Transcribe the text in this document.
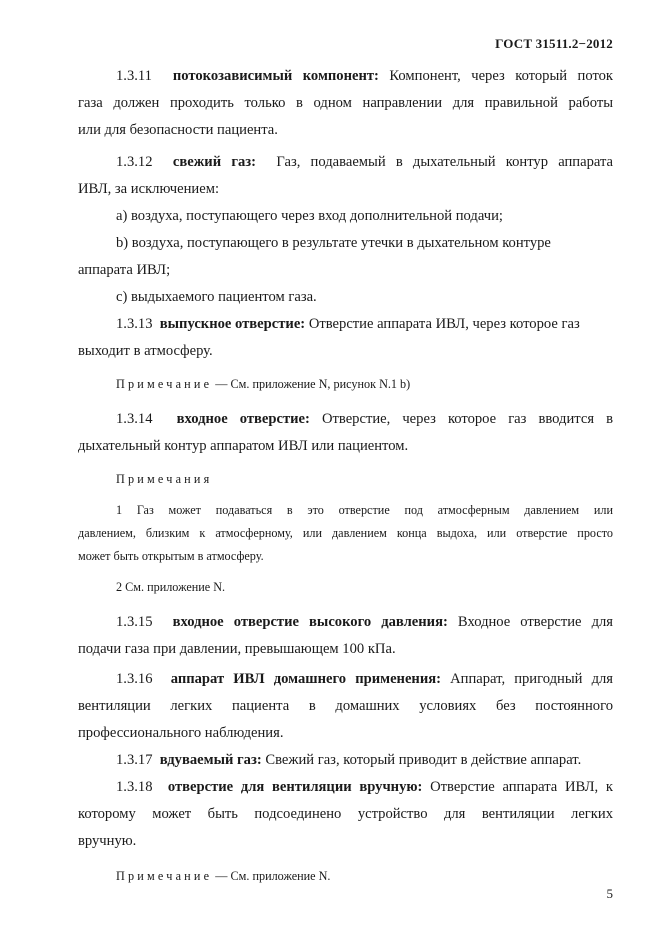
ГОСТ 31511.2−2012

1.3.11 потокозависимый компонент: Компонент, через который поток

газа должен проходить только в одном направлении для правильной работы

или для безопасности пациента.

1.3.12 свежий газ: Газ, подаваемый в дыхательный контур аппарата

ИВЛ, за исключением:

а) воздуха, поступающего через вход дополнительной подачи;

b) воздуха, поступающего в результате утечки в дыхательном контуре

аппарата ИВЛ;

с) выдыхаемого пациентом газа.

1.3.13 выпускное отверстие: Отверстие аппарата ИВЛ, через которое газ

выходит в атмосферу.

Примечание — См. приложение N, рисунок N.1 b)

1.3.14 входное отверстие: Отверстие, через которое газ вводится в

дыхательный контур аппаратом ИВЛ или пациентом.

Примечания

1 Газ может подаваться в это отверстие под атмосферным давлением или

давлением, близким к атмосферному, или давлением конца выдоха, или отверстие просто

может быть открытым в атмосферу.

2 См. приложение N.

1.3.15 входное отверстие высокого давления: Входное отверстие для

подачи газа при давлении, превышающем 100 кПа.

1.3.16 аппарат ИВЛ домашнего применения: Аппарат, пригодный для

вентиляции легких пациента в домашних условиях без постоянного

профессионального наблюдения.

1.3.17 вдуваемый газ: Свежий газ, который приводит в действие аппарат.

1.3.18 отверстие для вентиляции вручную: Отверстие аппарата ИВЛ, к

которому может быть подсоединено устройство для вентиляции легких

вручную.

Примечание — См. приложение N.

5
